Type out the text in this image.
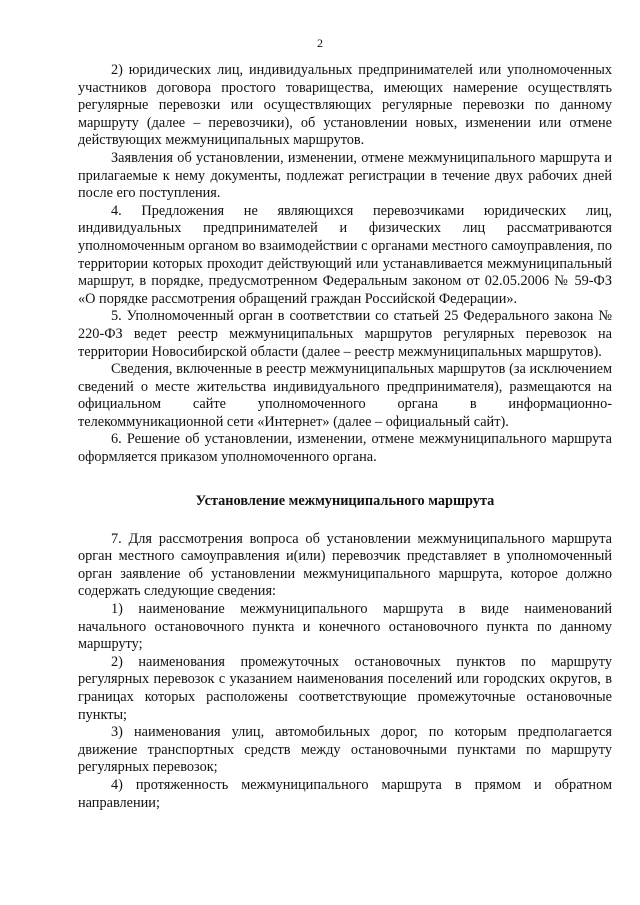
2

2) юридических лиц, индивидуальных предпринимателей или уполномоченных участников договора простого товарищества, имеющих намерение осуществлять регулярные перевозки или осуществляющих регулярные перевозки по данному маршруту (далее – перевозчики), об установлении новых, изменении или отмене действующих межмуниципальных маршрутов.

Заявления об установлении, изменении, отмене межмуниципального маршрута и прилагаемые к нему документы, подлежат регистрации в течение двух рабочих дней после его поступления.

4. Предложения не являющихся перевозчиками юридических лиц, индивидуальных предпринимателей и физических лиц рассматриваются уполномоченным органом во взаимодействии с органами местного самоуправления, по территории которых проходит действующий или устанавливается межмуниципальный маршрут, в порядке, предусмотренном Федеральным законом от 02.05.2006 № 59-ФЗ «О порядке рассмотрения обращений граждан Российской Федерации».

5. Уполномоченный орган в соответствии со статьей 25 Федерального закона № 220-ФЗ ведет реестр межмуниципальных маршрутов регулярных перевозок на территории Новосибирской области (далее – реестр межмуниципальных маршрутов).

Сведения, включенные в реестр межмуниципальных маршрутов (за исключением сведений о месте жительства индивидуального предпринимателя), размещаются на официальном сайте уполномоченного органа в информационно-телекоммуникационной сети «Интернет» (далее – официальный сайт).

6. Решение об установлении, изменении, отмене межмуниципального маршрута оформляется приказом уполномоченного органа.

Установление межмуниципального маршрута

7. Для рассмотрения вопроса об установлении межмуниципального маршрута орган местного самоуправления и(или) перевозчик представляет в уполномоченный орган заявление об установлении межмуниципального маршрута, которое должно содержать следующие сведения:

1) наименование межмуниципального маршрута в виде наименований начального остановочного пункта и конечного остановочного пункта по данному маршруту;

2) наименования промежуточных остановочных пунктов по маршруту регулярных перевозок с указанием наименования поселений или городских округов, в границах которых расположены соответствующие промежуточные остановочные пункты;

3) наименования улиц, автомобильных дорог, по которым предполагается движение транспортных средств между остановочными пунктами по маршруту регулярных перевозок;

4) протяженность межмуниципального маршрута в прямом и обратном направлении;
